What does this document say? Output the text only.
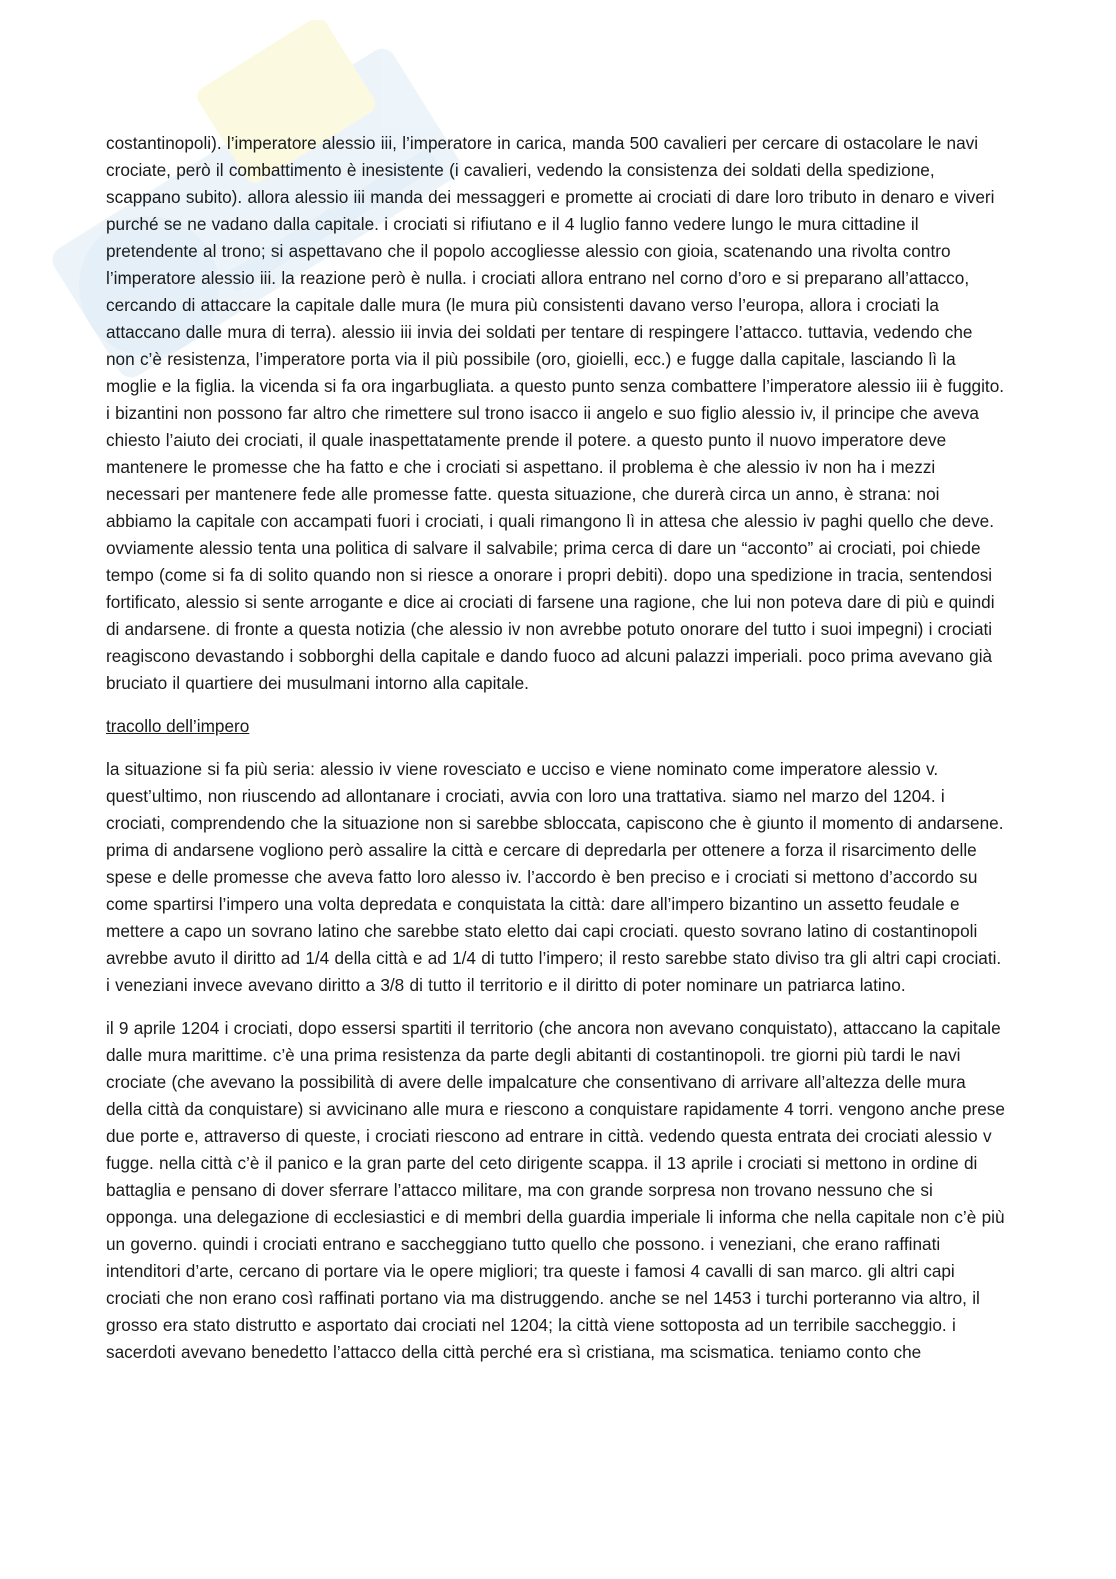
costantinopoli). l’imperatore alessio iii, l’imperatore in carica, manda 500 cavalieri per cercare di ostacolare le navi crociate, però il combattimento è inesistente (i cavalieri, vedendo la consistenza dei soldati della spedizione, scappano subito). allora alessio iii manda dei messaggeri e promette ai crociati di dare loro tributo in denaro e viveri purché se ne vadano dalla capitale. i crociati si rifiutano e il 4 luglio fanno vedere lungo le mura cittadine il pretendente al trono; si aspettavano che il popolo accogliesse alessio con gioia, scatenando una rivolta contro l’imperatore alessio iii. la reazione però è nulla. i crociati allora entrano nel corno d’oro e si preparano all’attacco, cercando di attaccare la capitale dalle mura (le mura più consistenti davano verso l’europa, allora i crociati la attaccano dalle mura di terra). alessio iii invia dei soldati per tentare di respingere l’attacco. tuttavia, vedendo che non c’è resistenza, l’imperatore porta via il più possibile (oro, gioielli, ecc.) e fugge dalla capitale, lasciando lì la moglie e la figlia. la vicenda si fa ora ingarbugliata. a questo punto senza combattere l’imperatore alessio iii è fuggito. i bizantini non possono far altro che rimettere sul trono isacco ii angelo e suo figlio alessio iv, il principe che aveva chiesto l’aiuto dei crociati, il quale inaspettatamente prende il potere. a questo punto il nuovo imperatore deve mantenere le promesse che ha fatto e che i crociati si aspettano. il problema è che alessio iv non ha i mezzi necessari per mantenere fede alle promesse fatte. questa situazione, che durerà circa un anno, è strana: noi abbiamo la capitale con accampati fuori i crociati, i quali rimangono lì in attesa che alessio iv paghi quello che deve. ovviamente alessio tenta una politica di salvare il salvabile; prima cerca di dare un “acconto” ai crociati, poi chiede tempo (come si fa di solito quando non si riesce a onorare i propri debiti). dopo una spedizione in tracia, sentendosi fortificato, alessio si sente arrogante e dice ai crociati di farsene una ragione, che lui non poteva dare di più e quindi di andarsene. di fronte a questa notizia (che alessio iv non avrebbe potuto onorare del tutto i suoi impegni) i crociati reagiscono devastando i sobborghi della capitale e dando fuoco ad alcuni palazzi imperiali. poco prima avevano già bruciato il quartiere dei musulmani intorno alla capitale.

tracollo dell’impero

la situazione si fa più seria: alessio iv viene rovesciato e ucciso e viene nominato come imperatore alessio v. quest’ultimo, non riuscendo ad allontanare i crociati, avvia con loro una trattativa. siamo nel marzo del 1204. i crociati, comprendendo che la situazione non si sarebbe sbloccata, capiscono che è giunto il momento di andarsene. prima di andarsene vogliono però assalire la città e cercare di depredarla per ottenere a forza il risarcimento delle spese e delle promesse che aveva fatto loro alesso iv. l’accordo è ben preciso e i crociati si mettono d’accordo su come spartirsi l’impero una volta depredata e conquistata la città: dare all’impero bizantino un assetto feudale e mettere a capo un sovrano latino che sarebbe stato eletto dai capi crociati. questo sovrano latino di costantinopoli avrebbe avuto il diritto ad 1/4 della città e ad 1/4 di tutto l’impero; il resto sarebbe stato diviso tra gli altri capi crociati. i veneziani invece avevano diritto a 3/8 di tutto il territorio e il diritto di poter nominare un patriarca latino.

il 9 aprile 1204 i crociati, dopo essersi spartiti il territorio (che ancora non avevano conquistato), attaccano la capitale dalle mura marittime. c’è una prima resistenza da parte degli abitanti di costantinopoli. tre giorni più tardi le navi crociate (che avevano la possibilità di avere delle impalcature che consentivano di arrivare all’altezza delle mura della città da conquistare) si avvicinano alle mura e riescono a conquistare rapidamente 4 torri. vengono anche prese due porte e, attraverso di queste, i crociati riescono ad entrare in città. vedendo questa entrata dei crociati alessio v fugge. nella città c’è il panico e la gran parte del ceto dirigente scappa. il 13 aprile i crociati si mettono in ordine di battaglia e pensano di dover sferrare l’attacco militare, ma con grande sorpresa non trovano nessuno che si opponga. una delegazione di ecclesiastici e di membri della guardia imperiale li informa che nella capitale non c’è più un governo. quindi i crociati entrano e saccheggiano tutto quello che possono. i veneziani, che erano raffinati intenditori d’arte, cercano di portare via le opere migliori; tra queste i famosi 4 cavalli di san marco. gli altri capi crociati che non erano così raffinati portano via ma distruggendo. anche se nel 1453 i turchi porteranno via altro, il grosso era stato distrutto e asportato dai crociati nel 1204; la città viene sottoposta ad un terribile saccheggio. i sacerdoti avevano benedetto l’attacco della città perché era sì cristiana, ma scismatica. teniamo conto che
